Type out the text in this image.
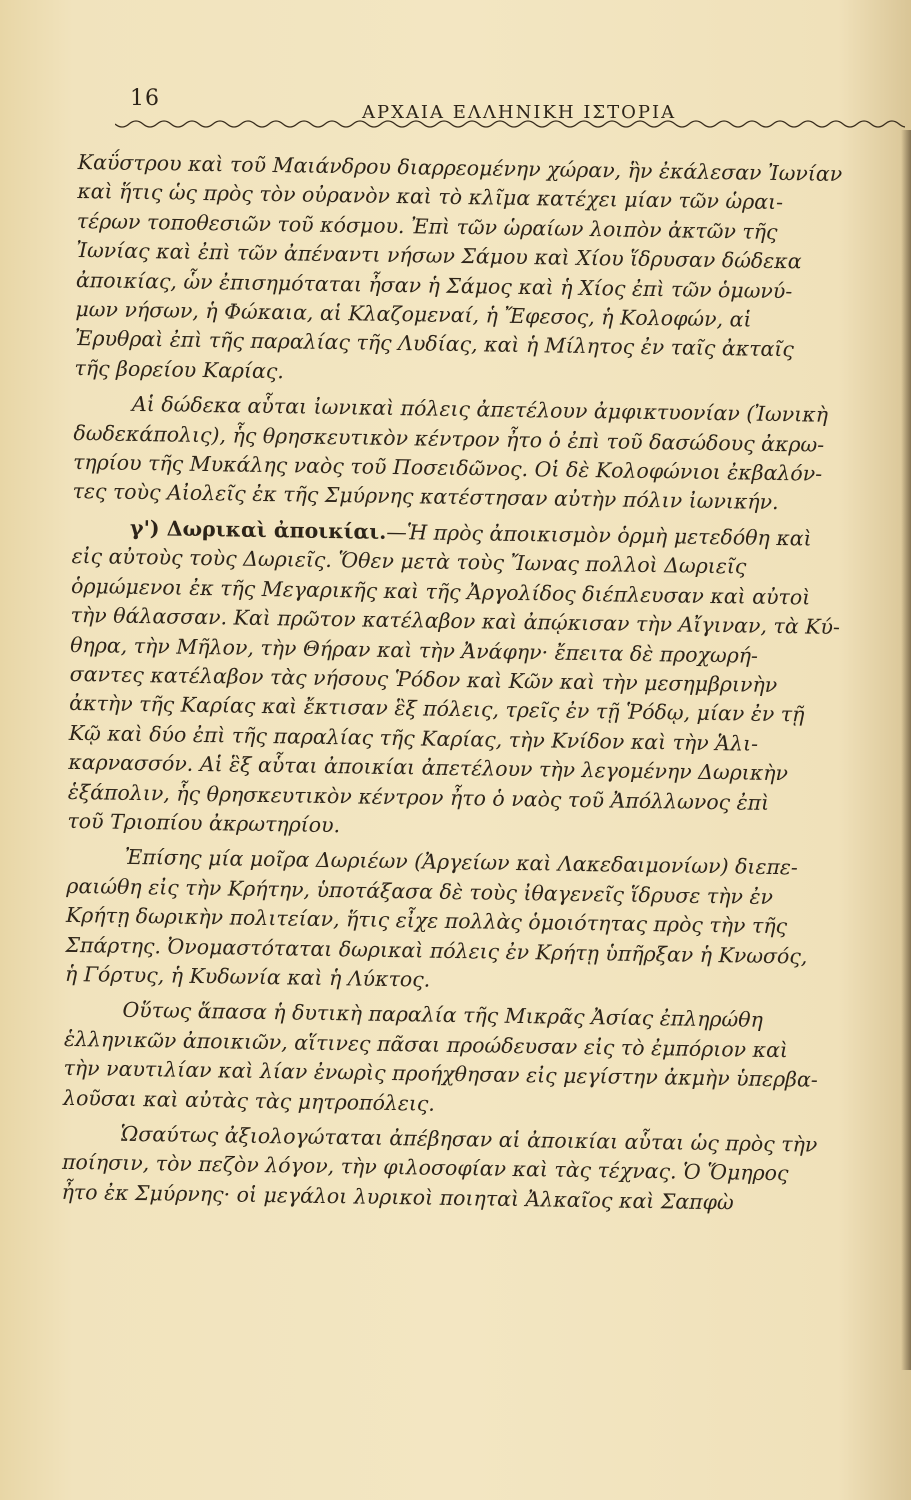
16
ΑΡΧΑΙΑ ΕΛΛΗΝΙΚΗ ΙΣΤΟΡΙΑ
Καΰστρου καὶ τοῦ Μαιάνδρου διαρρεομένην χώραν, ἣν ἐκάλεσαν Ἰωνίαν
καὶ ἥτις ὡς πρὸς τὸν οὐρανὸν καὶ τὸ κλῖμα κατέχει μίαν τῶν ὡραι-
τέρων τοποθεσιῶν τοῦ κόσμου. Ἐπὶ τῶν ὡραίων λοιπὸν ἀκτῶν τῆς
Ἰωνίας καὶ ἐπὶ τῶν ἀπέναντι νήσων Σάμου καὶ Χίου ἵδρυσαν δώδεκα
ἀποικίας, ὧν ἐπισημόταται ἦσαν ἡ Σάμος καὶ ἡ Χίος ἐπὶ τῶν ὁμωνύ-
μων νήσων, ἡ Φώκαια, αἱ Κλαζομεναί, ἡ Ἔφεσος, ἡ Κολοφών, αἱ
Ἐρυθραὶ ἐπὶ τῆς παραλίας τῆς Λυδίας, καὶ ἡ Μίλητος ἐν ταῖς ἀκταῖς
τῆς βορείου Καρίας.
Αἱ δώδεκα αὗται ἰωνικαὶ πόλεις ἀπετέλουν ἀμφικτυονίαν (Ἰωνικὴ
δωδεκάπολις), ἧς θρησκευτικὸν κέντρον ἦτο ὁ ἐπὶ τοῦ δασώδους ἀκρω-
τηρίου τῆς Μυκάλης ναὸς τοῦ Ποσειδῶνος. Οἱ δὲ Κολοφώνιοι ἐκβαλόν-
τες τοὺς Αἰολεῖς ἐκ τῆς Σμύρνης κατέστησαν αὐτὴν πόλιν ἰωνικήν.
γ') Δωρικαὶ ἀποικίαι.—Ἡ πρὸς ἀποικισμὸν ὁρμὴ μετεδόθη καὶ
εἰς αὐτοὺς τοὺς Δωριεῖς. Ὅθεν μετὰ τοὺς Ἴωνας πολλοὶ Δωριεῖς
ὁρμώμενοι ἐκ τῆς Μεγαρικῆς καὶ τῆς Ἀργολίδος διέπλευσαν καὶ αὐτοὶ
τὴν θάλασσαν. Καὶ πρῶτον κατέλαβον καὶ ἀπῴκισαν τὴν Αἴγιναν, τὰ Κύ-
θηρα, τὴν Μῆλον, τὴν Θήραν καὶ τὴν Ἀνάφην· ἔπειτα δὲ προχωρή-
σαντες κατέλαβον τὰς νήσους Ῥόδον καὶ Κῶν καὶ τὴν μεσημβρινὴν
ἀκτὴν τῆς Καρίας καὶ ἔκτισαν ἓξ πόλεις, τρεῖς ἐν τῇ Ῥόδῳ, μίαν ἐν τῇ
Κῷ καὶ δύο ἐπὶ τῆς παραλίας τῆς Καρίας, τὴν Κνίδον καὶ τὴν Ἁλι-
καρνασσόν. Αἱ ἓξ αὗται ἀποικίαι ἀπετέλουν τὴν λεγομένην Δωρικὴν
ἑξάπολιν, ἧς θρησκευτικὸν κέντρον ἦτο ὁ ναὸς τοῦ Ἀπόλλωνος ἐπὶ
τοῦ Τριοπίου ἀκρωτηρίου.
Ἐπίσης μία μοῖρα Δωριέων (Ἀργείων καὶ Λακεδαιμονίων) διεπε-
ραιώθη εἰς τὴν Κρήτην, ὑποτάξασα δὲ τοὺς ἰθαγενεῖς ἵδρυσε τὴν ἐν
Κρήτῃ δωρικὴν πολιτείαν, ἥτις εἶχε πολλὰς ὁμοιότητας πρὸς τὴν τῆς
Σπάρτης. Ὀνομαστόταται δωρικαὶ πόλεις ἐν Κρήτῃ ὑπῆρξαν ἡ Κνωσός,
ἡ Γόρτυς, ἡ Κυδωνία καὶ ἡ Λύκτος.
Οὕτως ἅπασα ἡ δυτικὴ παραλία τῆς Μικρᾶς Ἀσίας ἐπληρώθη
ἑλληνικῶν ἀποικιῶν, αἵτινες πᾶσαι προώδευσαν εἰς τὸ ἐμπόριον καὶ
τὴν ναυτιλίαν καὶ λίαν ἐνωρὶς προήχθησαν εἰς μεγίστην ἀκμὴν ὑπερβα-
λοῦσαι καὶ αὐτὰς τὰς μητροπόλεις.
Ὡσαύτως ἀξιολογώταται ἀπέβησαν αἱ ἀποικίαι αὗται ὡς πρὸς τὴν
ποίησιν, τὸν πεζὸν λόγον, τὴν φιλοσοφίαν καὶ τὰς τέχνας. Ὁ Ὅμηρος
ἦτο ἐκ Σμύρνης· οἱ μεγάλοι λυρικοὶ ποιηταὶ Ἀλκαῖος καὶ Σαπφὼ
